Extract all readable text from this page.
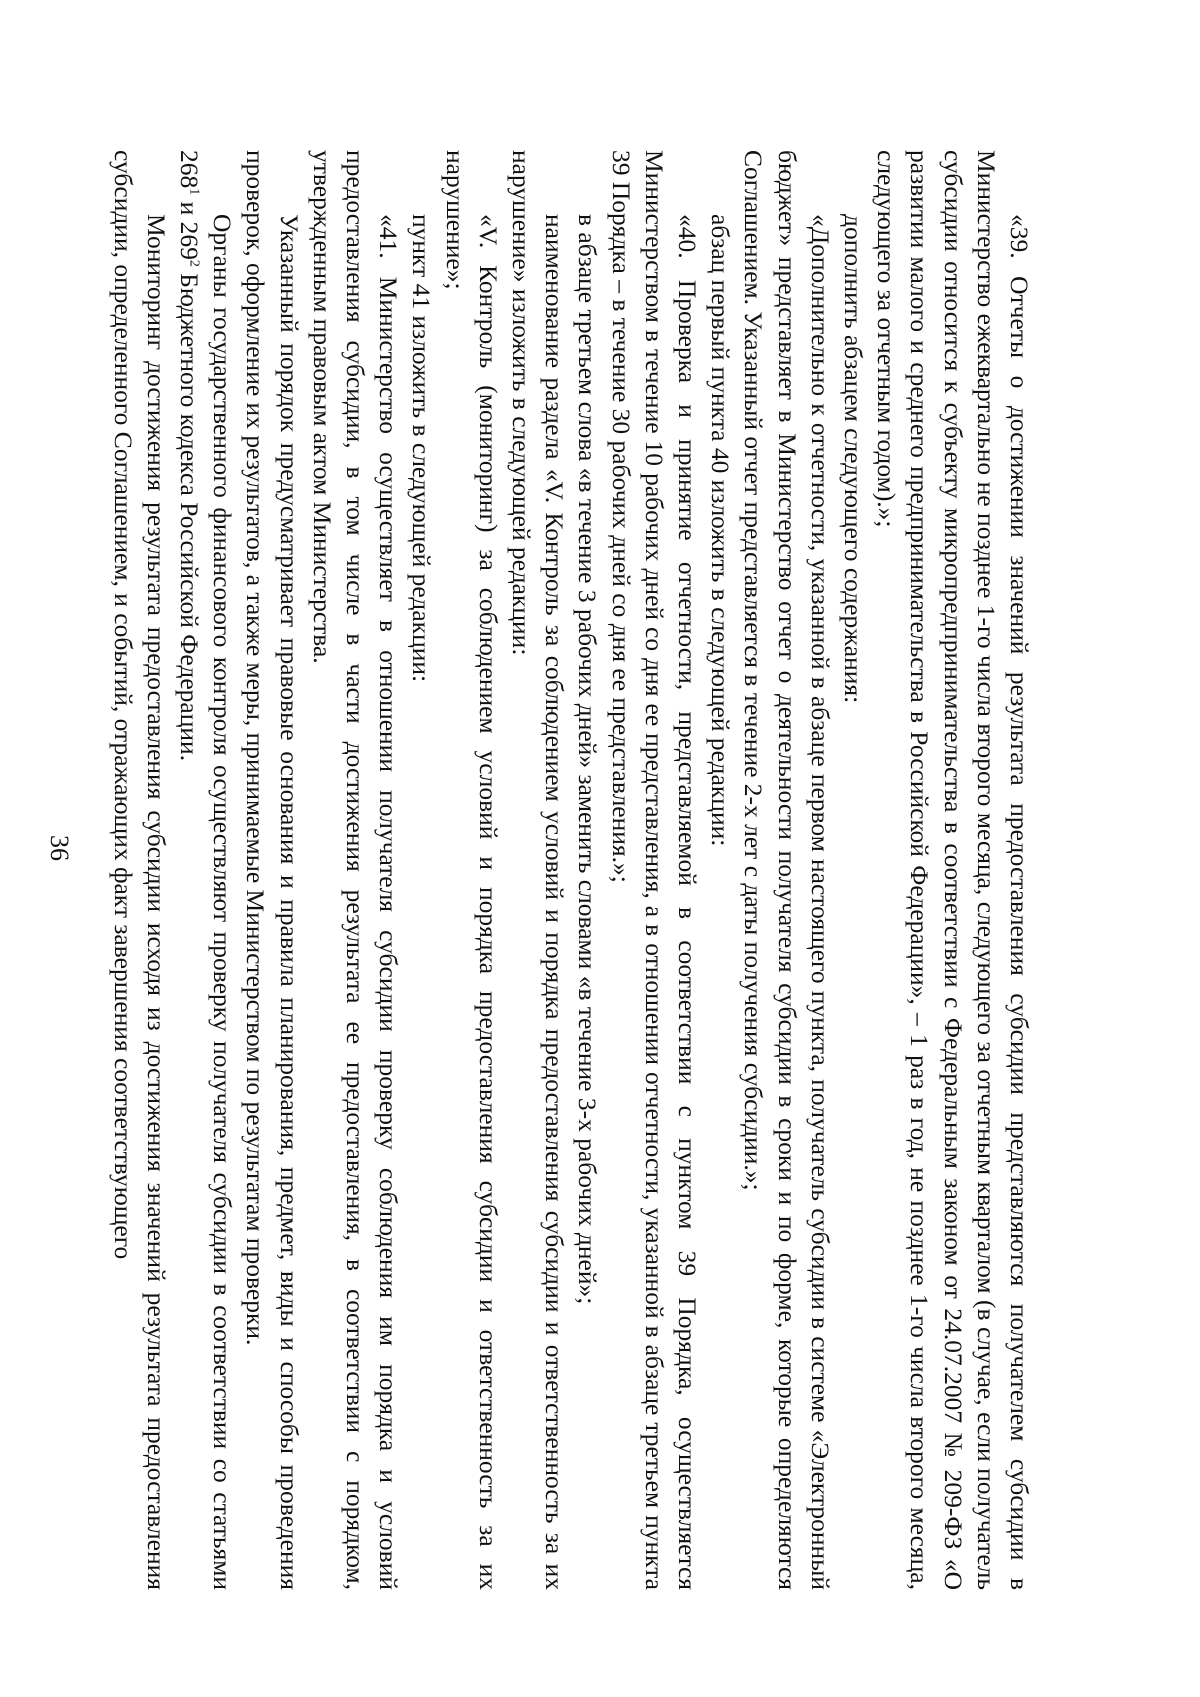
36	«39. Отчеты о достижении значений результата предоставления субсидии представляются получателем субсидии в Министерство ежеквартально не позднее 1-го числа второго месяца, следующего за отчетным кварталом (в случае, если получатель субсидии относится к субъекту микропредпринимательства в соответствии с Федеральным законом от 24.07.2007 № 209-ФЗ «О развитии малого и среднего предпринимательства в Российской Федерации», – 1 раз в год, не позднее 1-го числа второго месяца, следующего за отчетным годом).»;

дополнить абзацем следующего содержания:

«Дополнительно к отчетности, указанной в абзаце первом настоящего пункта, получатель субсидии в системе «Электронный бюджет» представляет в Министерство отчет о деятельности получателя субсидии в сроки и по форме, которые определяются Соглашением. Указанный отчет представляется в течение 2-х лет с даты получения субсидии.»;

абзац первый пункта 40 изложить в следующей редакции:

«40. Проверка и принятие отчетности, представляемой в соответствии с пунктом 39 Порядка, осуществляется Министерством в течение 10 рабочих дней со дня ее представления, а в отношении отчетности, указанной в абзаце третьем пункта 39 Порядка – в течение 30 рабочих дней со дня ее представления.»;

в абзаце третьем слова «в течение 3 рабочих дней» заменить словами «в течение 3-х рабочих дней»;

наименование раздела «V. Контроль за соблюдением условий и порядка предоставления субсидии и ответственность за их нарушение» изложить в следующей редакции:

«V. Контроль (мониторинг) за соблюдением условий и порядка предоставления субсидии и ответственность за их нарушение»;

пункт 41 изложить в следующей редакции:

«41. Министерство осуществляет в отношении получателя субсидии проверку соблюдения им порядка и условий предоставления субсидии, в том числе в части достижения результата ее предоставления, в соответствии с порядком, утвержденным правовым актом Министерства.

Указанный порядок предусматривает правовые основания и правила планирования, предмет, виды и способы проведения проверок, оформление их результатов, а также меры, принимаемые Министерством по результатам проверки.

Органы государственного финансового контроля осуществляют проверку получателя субсидии в соответствии со статьями $268^1$ и $269^2$ Бюджетного кодекса Российской Федерации.

Мониторинг достижения результата предоставления субсидии исходя из достижения значений результата предоставления субсидии, определенного Соглашением, и событий, отражающих факт завершения соответствующего
